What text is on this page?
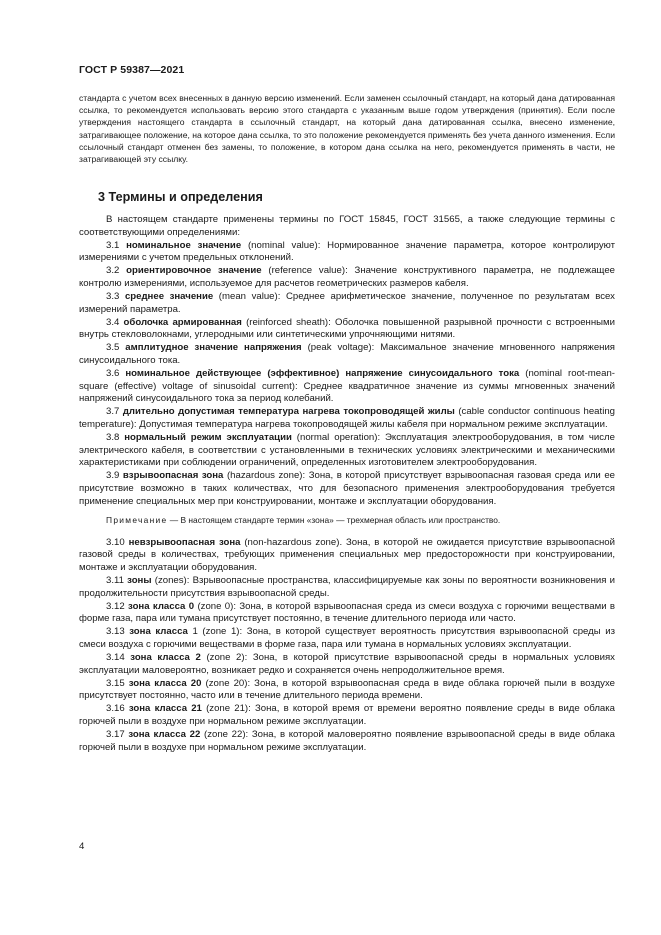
ГОСТ Р 59387—2021
стандарта с учетом всех внесенных в данную версию изменений. Если заменен ссылочный стандарт, на который дана датированная ссылка, то рекомендуется использовать версию этого стандарта с указанным выше годом утверждения (принятия). Если после утверждения настоящего стандарта в ссылочный стандарт, на который дана датированная ссылка, внесено изменение, затрагивающее положение, на которое дана ссылка, то это положение рекомендуется применять без учета данного изменения. Если ссылочный стандарт отменен без замены, то положение, в котором дана ссылка на него, рекомендуется применять в части, не затрагивающей эту ссылку.
3 Термины и определения

В настоящем стандарте применены термины по ГОСТ 15845, ГОСТ 31565, а также следующие термины с соответствующими определениями:

3.1 номинальное значение (nominal value): Нормированное значение параметра, которое контролируют измерениями с учетом предельных отклонений.

3.2 ориентировочное значение (reference value): Значение конструктивного параметра, не подлежащее контролю измерениями, используемое для расчетов геометрических размеров кабеля.

3.3 среднее значение (mean value): Среднее арифметическое значение, полученное по результатам всех измерений параметра.

3.4 оболочка армированная (reinforced sheath): Оболочка повышенной разрывной прочности с встроенными внутрь стекловолокнами, углеродными или синтетическими упрочняющими нитями.

3.5 амплитудное значение напряжения (peak voltage): Максимальное значение мгновенного напряжения синусоидального тока.

3.6 номинальное действующее (эффективное) напряжение синусоидального тока (nominal root-mean-square (effective) voltage of sinusoidal current): Среднее квадратичное значение из суммы мгновенных значений напряжений синусоидального тока за период колебаний.

3.7 длительно допустимая температура нагрева токопроводящей жилы (cable conductor continuous heating temperature): Допустимая температура нагрева токопроводящей жилы кабеля при нормальном режиме эксплуатации.

3.8 нормальный режим эксплуатации (normal operation): Эксплуатация электрооборудования, в том числе электрического кабеля, в соответствии с установленными в технических условиях электрическими и механическими характеристиками при соблюдении ограничений, определенных изготовителем электрооборудования.

3.9 взрывоопасная зона (hazardous zone): Зона, в которой присутствует взрывоопасная газовая среда или ее присутствие возможно в таких количествах, что для безопасного применения электрооборудования требуется применение специальных мер при конструировании, монтаже и эксплуатации оборудования.

Примечание — В настоящем стандарте термин «зона» — трехмерная область или пространство.

3.10 невзрывоопасная зона (non-hazardous zone). Зона, в которой не ожидается присутствие взрывоопасной газовой среды в количествах, требующих применения специальных мер предосторожности при конструировании, монтаже и эксплуатации оборудования.

3.11 зоны (zones): Взрывоопасные пространства, классифицируемые как зоны по вероятности возникновения и продолжительности присутствия взрывоопасной среды.

3.12 зона класса 0 (zone 0): Зона, в которой взрывоопасная среда из смеси воздуха с горючими веществами в форме газа, пара или тумана присутствует постоянно, в течение длительного периода или часто.

3.13 зона класса 1 (zone 1): Зона, в которой существует вероятность присутствия взрывоопасной среды из смеси воздуха с горючими веществами в форме газа, пара или тумана в нормальных условиях эксплуатации.

3.14 зона класса 2 (zone 2): Зона, в которой присутствие взрывоопасной среды в нормальных условиях эксплуатации маловероятно, возникает редко и сохраняется очень непродолжительное время.

3.15 зона класса 20 (zone 20): Зона, в которой взрывоопасная среда в виде облака горючей пыли в воздухе присутствует постоянно, часто или в течение длительного периода времени.

3.16 зона класса 21 (zone 21): Зона, в которой время от времени вероятно появление среды в виде облака горючей пыли в воздухе при нормальном режиме эксплуатации.

3.17 зона класса 22 (zone 22): Зона, в которой маловероятно появление взрывоопасной среды в виде облака горючей пыли в воздухе при нормальном режиме эксплуатации.

4
